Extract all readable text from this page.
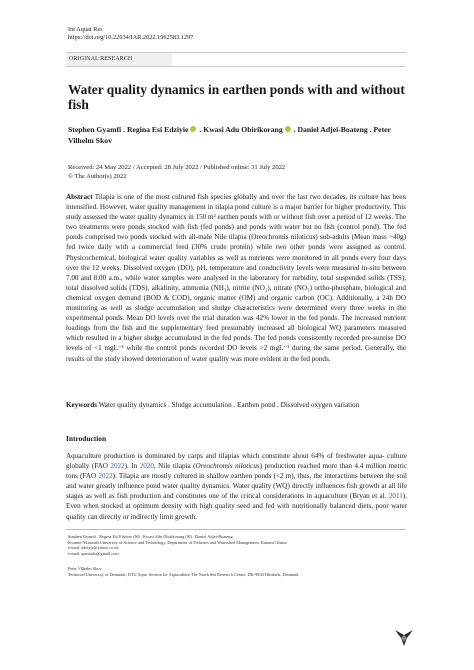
Int Aquat Res
https://doi.org/10.22034/IAR.2022.1962583.1297
ORIGINAL RESEARCH
Water quality dynamics in earthen ponds with and without
fish
Stephen Gyamfi . Regina Esi Edziyie . Kwasi Adu Obirikorang . Daniel Adjei-Boateng . Peter
Vilhelm Skov
Received: 24 May 2022 / Accepted: 28 July 2022 / Published online: 31 July 2022
© The Author(s) 2022
Abstract Tilapia is one of the most cultured fish species globally and over the last two decades, its culture has been intensified. However, water quality management in tilapia pond culture is a major barrier for higher productivity. This study assessed the water quality dynamics in 150 m² earthen ponds with or without fish over a period of 12 weeks. The two treatments were ponds stocked with fish (fed ponds) and ponds with water but no fish (control pond). The fed ponds comprised two ponds stocked with all-male Nile tilapia (Oreochromis niloticus) sub-adults (Mean mass ~40g) fed twice daily with a commercial feed (30% crude protein) while two other ponds were assigned as control. Physicochemical, biological water quality variables as well as nutrients were monitored in all ponds every four days over the 12 weeks. Dissolved oxygen (DO), pH, temperature and conductivity levels were measured in-situ between 7.00 and 8.00 a.m., while water samples were analysed in the laboratory for turbidity, total suspended solids (TSS), total dissolved solids (TDS), alkalinity, ammonia (NH₃), nitrite (NO₂), nitrate (NO₃) ortho-phosphate, biological and chemical oxygen demand (BOD & COD), organic matter (OM) and organic carbon (OC). Additionally, a 24h DO monitoring as well as sludge accumulation and sludge characteristics were determined every three weeks in the experimental ponds. Mean DO levels over the trial duration was 42% lower in the fed ponds. The increased nutrient loadings from the fish and the supplementary feed presumably increased all biological WQ parameters measured which resulted in a higher sludge accumulated in the fed ponds. The fed ponds consistently recorded pre-sunrise DO levels of <1 mgL⁻¹ while the control ponds recorded DO levels >2 mgL⁻¹ during the same period. Generally, the results of the study showed deterioration of water quality was more evident in the fed ponds.
Keywords Water quality dynamics . Sludge accumulation . Earthen pond . Dissolved oxygen variation
Introduction
Aquaculture production is dominated by carps and tilapias which constitute about 64% of freshwater aqua- culture globally (FAO 2022). In 2020, Nile tilapia (Oreochromis niloticus) production reached more than 4.4 million metric tons (FAO 2022). Tilapia are mostly cultured in shallow earthen ponds (<2 m), thus, the interactions between the soil and water greatly influence pond water quality dynamics. Water quality (WQ) directly influences fish growth at all life stages as well as fish production and constitutes one of the critical considerations in aquaculture (Bryan et al. 2011). Even when stocked at optimum density with high quality seed and fed with nutritionally balanced diets, poor water quality can directly or indirectly limit growth.
Stephen Gyamfi . Regina Esi Edziyie (✉) . Kwasi Adu Obirikorang (✉) . Daniel Adjei-Boateng
Kwame Nkrumah University of Science and Technology, Department of Fisheries and Watershed Management, Kumasi Ghana
e-mail: edziyie@yahoo.co.uk
e-mail: quasiado@gmail.com
Peter Vilhelm Skov
Technical University of Denmark, DTU Aqua, Section for Aquaculture,The North Sea Research Centre, DK-9850 Hirtshals, Denmark
